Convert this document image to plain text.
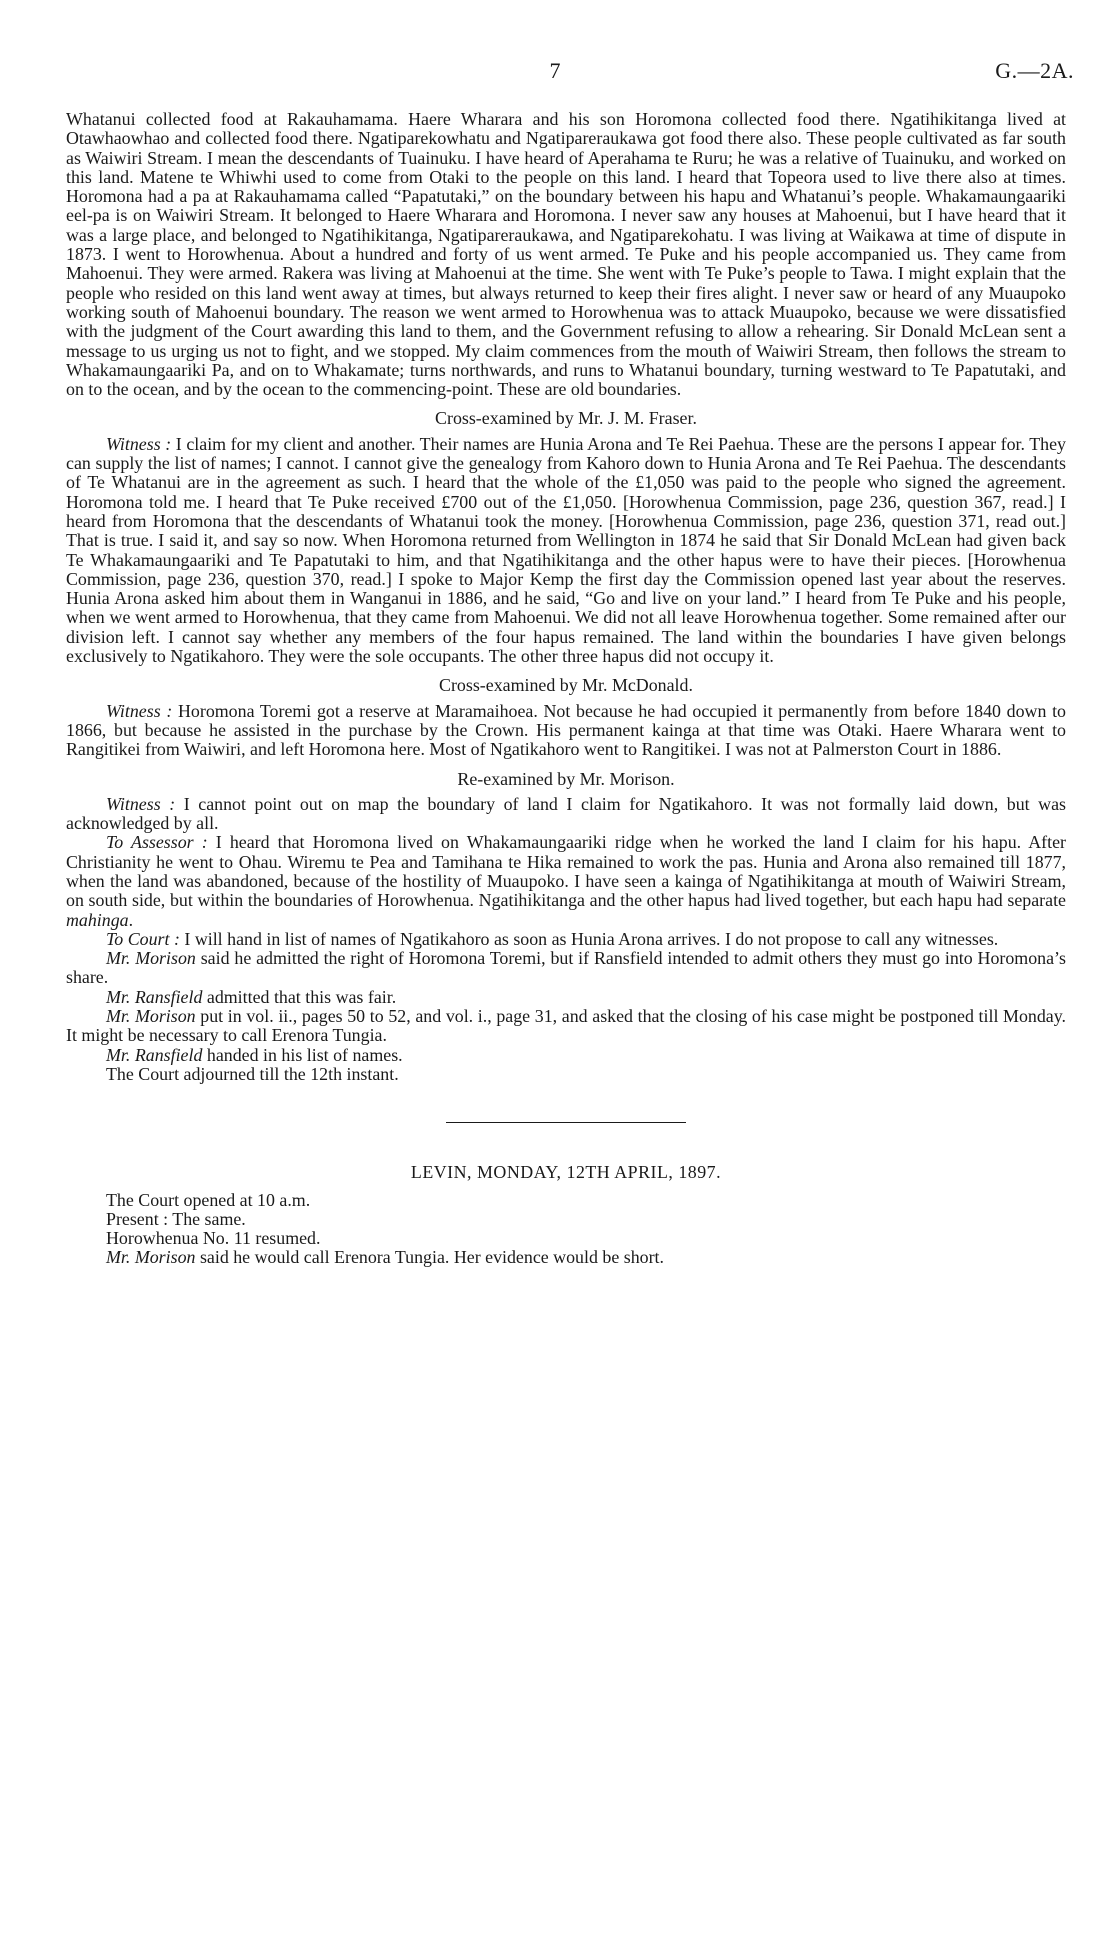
7	G.—2A.

Whatanui collected food at Rakauhamama. Haere Wharara and his son Horomona collected food there. Ngatihikitanga lived at Otawhaowhao and collected food there. Ngatiparekowhatu and Ngatipareraukawa got food there also. These people cultivated as far south as Waiwiri Stream. I mean the descendants of Tuainuku. I have heard of Aperahama te Ruru; he was a relative of Tuainuku, and worked on this land. Matene te Whiwhi used to come from Otaki to the people on this land. I heard that Topeora used to live there also at times. Horomona had a pa at Rakauhamama called “Papatutaki,” on the boundary between his hapu and Whatanui’s people. Whakamaungaariki eel-pa is on Waiwiri Stream. It belonged to Haere Wharara and Horomona. I never saw any houses at Mahoenui, but I have heard that it was a large place, and belonged to Ngatihikitanga, Ngatipareraukawa, and Ngatiparekohatu. I was living at Waikawa at time of dispute in 1873. I went to Horowhenua. About a hundred and forty of us went armed. Te Puke and his people accompanied us. They came from Mahoenui. They were armed. Rakera was living at Mahoenui at the time. She went with Te Puke’s people to Tawa. I might explain that the people who resided on this land went away at times, but always returned to keep their fires alight. I never saw or heard of any Muaupoko working south of Mahoenui boundary. The reason we went armed to Horowhenua was to attack Muaupoko, because we were dissatisfied with the judgment of the Court awarding this land to them, and the Government refusing to allow a rehearing. Sir Donald McLean sent a message to us urging us not to fight, and we stopped. My claim commences from the mouth of Waiwiri Stream, then follows the stream to Whakamaungaariki Pa, and on to Whakamate; turns northwards, and runs to Whatanui boundary, turning westward to Te Papatutaki, and on to the ocean, and by the ocean to the commencing-point. These are old boundaries.

Cross-examined by Mr. J. M. Fraser.

Witness : I claim for my client and another. Their names are Hunia Arona and Te Rei Paehua. These are the persons I appear for. They can supply the list of names; I cannot. I cannot give the genealogy from Kahoro down to Hunia Arona and Te Rei Paehua. The descendants of Te Whatanui are in the agreement as such. I heard that the whole of the £1,050 was paid to the people who signed the agreement. Horomona told me. I heard that Te Puke received £700 out of the £1,050. [Horowhenua Commission, page 236, question 367, read.] I heard from Horomona that the descendants of Whatanui took the money. [Horowhenua Commission, page 236, question 371, read out.] That is true. I said it, and say so now. When Horomona returned from Wellington in 1874 he said that Sir Donald McLean had given back Te Whakamaungaariki and Te Papatutaki to him, and that Ngatihikitanga and the other hapus were to have their pieces. [Horowhenua Commission, page 236, question 370, read.] I spoke to Major Kemp the first day the Commission opened last year about the reserves. Hunia Arona asked him about them in Wanganui in 1886, and he said, “Go and live on your land.” I heard from Te Puke and his people, when we went armed to Horowhenua, that they came from Mahoenui. We did not all leave Horowhenua together. Some remained after our division left. I cannot say whether any members of the four hapus remained. The land within the boundaries I have given belongs exclusively to Ngatikahoro. They were the sole occupants. The other three hapus did not occupy it.

Cross-examined by Mr. McDonald.

Witness : Horomona Toremi got a reserve at Maramaihoea. Not because he had occupied it permanently from before 1840 down to 1866, but because he assisted in the purchase by the Crown. His permanent kainga at that time was Otaki. Haere Wharara went to Rangitikei from Waiwiri, and left Horomona here. Most of Ngatikahoro went to Rangitikei. I was not at Palmerston Court in 1886.

Re-examined by Mr. Morison.

Witness : I cannot point out on map the boundary of land I claim for Ngatikahoro. It was not formally laid down, but was acknowledged by all.

To Assessor : I heard that Horomona lived on Whakamaungaariki ridge when he worked the land I claim for his hapu. After Christianity he went to Ohau. Wiremu te Pea and Tamihana te Hika remained to work the pas. Hunia and Arona also remained till 1877, when the land was abandoned, because of the hostility of Muaupoko. I have seen a kainga of Ngatihikitanga at mouth of Waiwiri Stream, on south side, but within the boundaries of Horowhenua. Ngatihikitanga and the other hapus had lived together, but each hapu had separate mahinga.

To Court : I will hand in list of names of Ngatikahoro as soon as Hunia Arona arrives. I do not propose to call any witnesses.

Mr. Morison said he admitted the right of Horomona Toremi, but if Ransfield intended to admit others they must go into Horomona’s share.

Mr. Ransfield admitted that this was fair.

Mr. Morison put in vol. ii., pages 50 to 52, and vol. i., page 31, and asked that the closing of his case might be postponed till Monday. It might be necessary to call Erenora Tungia.

Mr. Ransfield handed in his list of names.

The Court adjourned till the 12th instant.

LEVIN, MONDAY, 12TH APRIL, 1897.

The Court opened at 10 a.m.

Present : The same.

Horowhenua No. 11 resumed.

Mr. Morison said he would call Erenora Tungia. Her evidence would be short.
